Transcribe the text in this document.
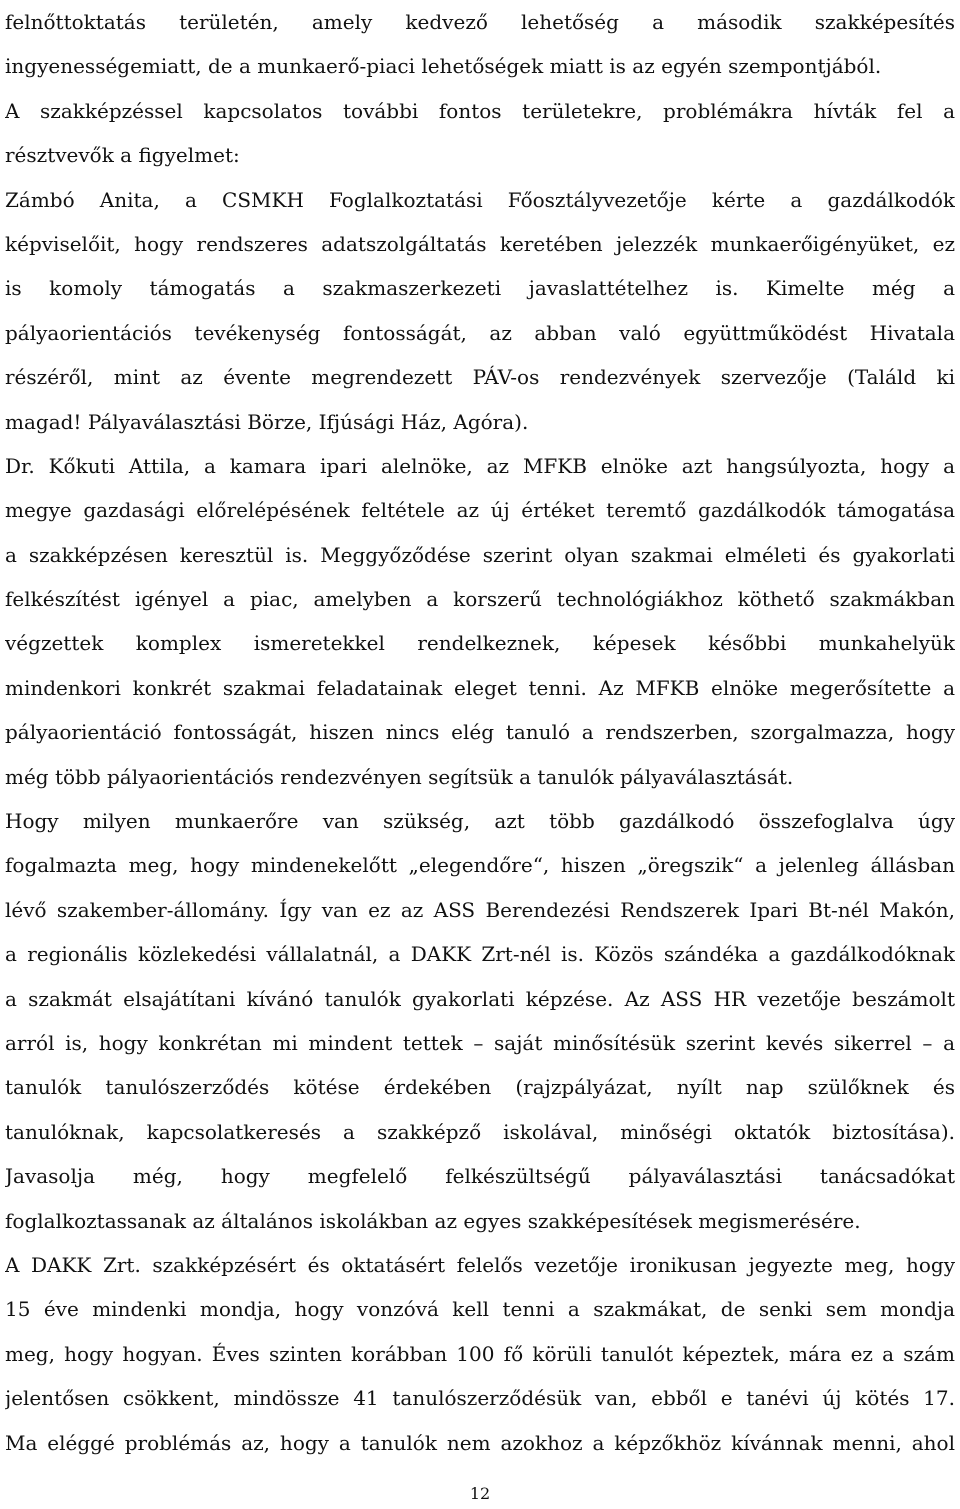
felnőttoktatás területén, amely kedvező lehetőség a második szakképesítés
ingyenességemiatt, de a munkaerő-piaci lehetőségek miatt is az egyén szempontjából.
A szakképzéssel kapcsolatos további fontos területekre, problémákra hívták fel a
résztvevők a figyelmet:
Zámbó Anita, a CSMKH Foglalkoztatási Főosztályvezetője kérte a gazdálkodók
képviselőit, hogy rendszeres adatszolgáltatás keretében jelezzék munkaerőigényüket, ez
is komoly támogatás a szakmaszerkezeti javaslattételhez is. Kimelte még a
pályaorientációs tevékenység fontosságát, az abban való együttműködést Hivatala
részéről, mint az évente megrendezett PÁV-os rendezvények szervezője (Találd ki
magad! Pályaválasztási Börze, Ifjúsági Ház, Agóra).
Dr. Kőkuti Attila, a kamara ipari alelnöke, az MFKB elnöke azt hangsúlyozta, hogy a
megye gazdasági előrelépésének feltétele az új értéket teremtő gazdálkodók támogatása
a szakképzésen keresztül is. Meggyőződése szerint olyan szakmai elméleti és gyakorlati
felkészítést igényel a piac, amelyben a korszerű technológiákhoz köthető szakmákban
végzettek komplex ismeretekkel rendelkeznek, képesek későbbi munkahelyük
mindenkori konkrét szakmai feladatainak eleget tenni. Az MFKB elnöke megerősítette a
pályaorientáció fontosságát, hiszen nincs elég tanuló a rendszerben, szorgalmazza, hogy
még több pályaorientációs rendezvényen segítsük a tanulók pályaválasztását.
Hogy milyen munkaerőre van szükség, azt több gazdálkodó összefoglalva úgy
fogalmazta meg, hogy mindenekelőtt „elegendőre“, hiszen „öregszik“ a jelenleg állásban
lévő szakember-állomány. Így van ez az ASS Berendezési Rendszerek Ipari Bt-nél Makón,
a regionális közlekedési vállalatnál, a DAKK Zrt-nél is. Közös szándéka a gazdálkodóknak
a szakmát elsajátítani kívánó tanulók gyakorlati képzése. Az ASS HR vezetője beszámolt
arról is, hogy konkrétan mi mindent tettek – saját minősítésük szerint kevés sikerrel – a
tanulók tanulószerződés kötése érdekében (rajzpályázat, nyílt nap szülőknek és
tanulóknak, kapcsolatkeresés a szakképző iskolával, minőségi oktatók biztosítása).
Javasolja még, hogy megfelelő felkészültségű pályaválasztási tanácsadókat
foglalkoztassanak az általános iskolákban az egyes szakképesítések megismerésére.
A DAKK Zrt. szakképzésért és oktatásért felelős vezetője ironikusan jegyezte meg, hogy
15 éve mindenki mondja, hogy vonzóvá kell tenni a szakmákat, de senki sem mondja
meg, hogy hogyan. Éves szinten korábban 100 fő körüli tanulót képeztek, mára ez a szám
jelentősen csökkent, mindössze 41 tanulószerződésük van, ebből e tanévi új kötés 17.
Ma eléggé problémás az, hogy a tanulók nem azokhoz a képzőkhöz kívánnak menni, ahol
12
